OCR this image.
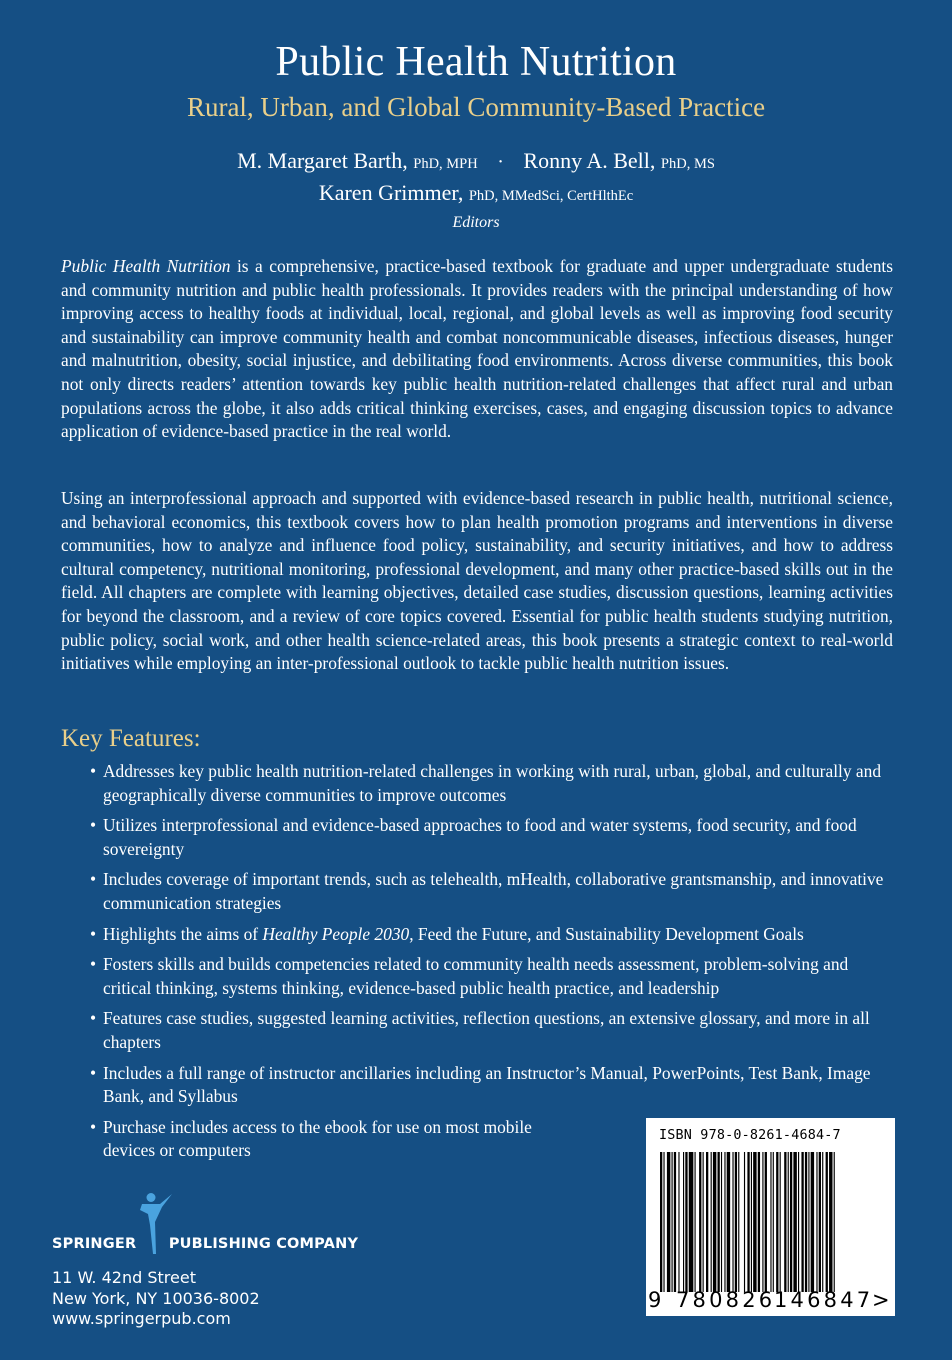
Public Health Nutrition
Rural, Urban, and Global Community-Based Practice
M. Margaret Barth, PhD, MPH · Ronny A. Bell, PhD, MS
Karen Grimmer, PhD, MMedSci, CertHlthEc
Editors

Public Health Nutrition is a comprehensive, practice-based textbook for graduate and upper undergraduate students and community nutrition and public health professionals. It provides readers with the principal understanding of how improving access to healthy foods at individual, local, regional, and global levels as well as improving food security and sustainability can improve community health and combat noncommunicable diseases, infectious diseases, hunger and malnutrition, obesity, social injustice, and debilitating food environments. Across diverse communities, this book not only directs readers’ attention towards key public health nutrition-related challenges that affect rural and urban populations across the globe, it also adds critical thinking exercises, cases, and engaging discussion topics to advance application of evidence-based practice in the real world.

Using an interprofessional approach and supported with evidence-based research in public health, nutritional science, and behavioral economics, this textbook covers how to plan health promotion programs and interventions in diverse communities, how to analyze and influence food policy, sustainability, and security initiatives, and how to address cultural competency, nutritional monitoring, professional development, and many other practice-based skills out in the field. All chapters are complete with learning objectives, detailed case studies, discussion questions, learning activities for beyond the classroom, and a review of core topics covered. Essential for public health students studying nutrition, public policy, social work, and other health science-related areas, this book presents a strategic context to real-world initiatives while employing an inter-professional outlook to tackle public health nutrition issues.

Key Features:
• Addresses key public health nutrition-related challenges in working with rural, urban, global, and culturally and geographically diverse communities to improve outcomes
• Utilizes interprofessional and evidence-based approaches to food and water systems, food security, and food sovereignty
• Includes coverage of important trends, such as telehealth, mHealth, collaborative grantsmanship, and innovative communication strategies
• Highlights the aims of Healthy People 2030, Feed the Future, and Sustainability Development Goals
• Fosters skills and builds competencies related to community health needs assessment, problem-solving and critical thinking, systems thinking, evidence-based public health practice, and leadership
• Features case studies, suggested learning activities, reflection questions, an extensive glossary, and more in all chapters
• Includes a full range of instructor ancillaries including an Instructor’s Manual, PowerPoints, Test Bank, Image Bank, and Syllabus
• Purchase includes access to the ebook for use on most mobile devices or computers
SPRINGER PUBLISHING COMPANY
11 W. 42nd Street
New York, NY 10036-8002
www.springerpub.com
ISBN 978-0-8261-4684-7
9 780826
146847
>
